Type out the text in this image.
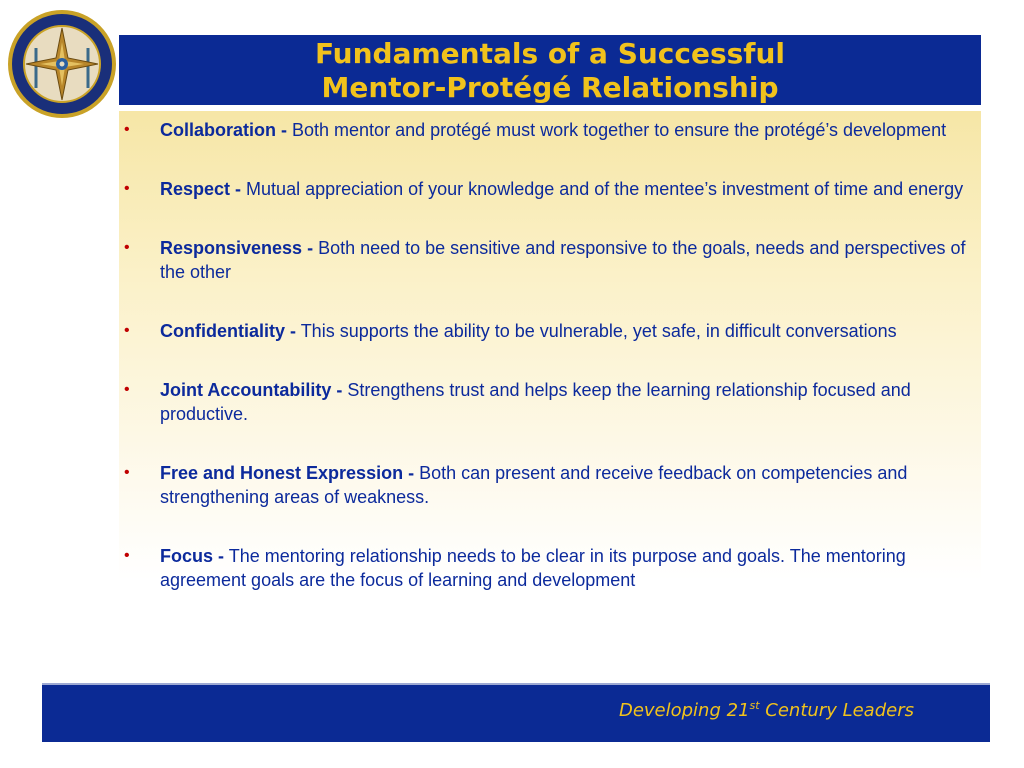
Fundamentals of a Successful
Mentor-Protégé Relationship
• Collaboration - Both mentor and protégé must work together to ensure the protégé’s development
• Respect - Mutual appreciation of your knowledge and of the mentee’s investment of time and energy
• Responsiveness - Both need to be sensitive and responsive to the goals, needs and perspectives of the other
• Confidentiality - This supports the ability to be vulnerable, yet safe, in difficult conversations
• Joint Accountability - Strengthens trust and helps keep the learning relationship focused and productive.
• Free and Honest Expression - Both can present and receive feedback on competencies and strengthening areas of weakness.
• Focus - The mentoring relationship needs to be clear in its purpose and goals. The mentoring agreement goals are the focus of learning and development

Developing 21st Century Leaders
